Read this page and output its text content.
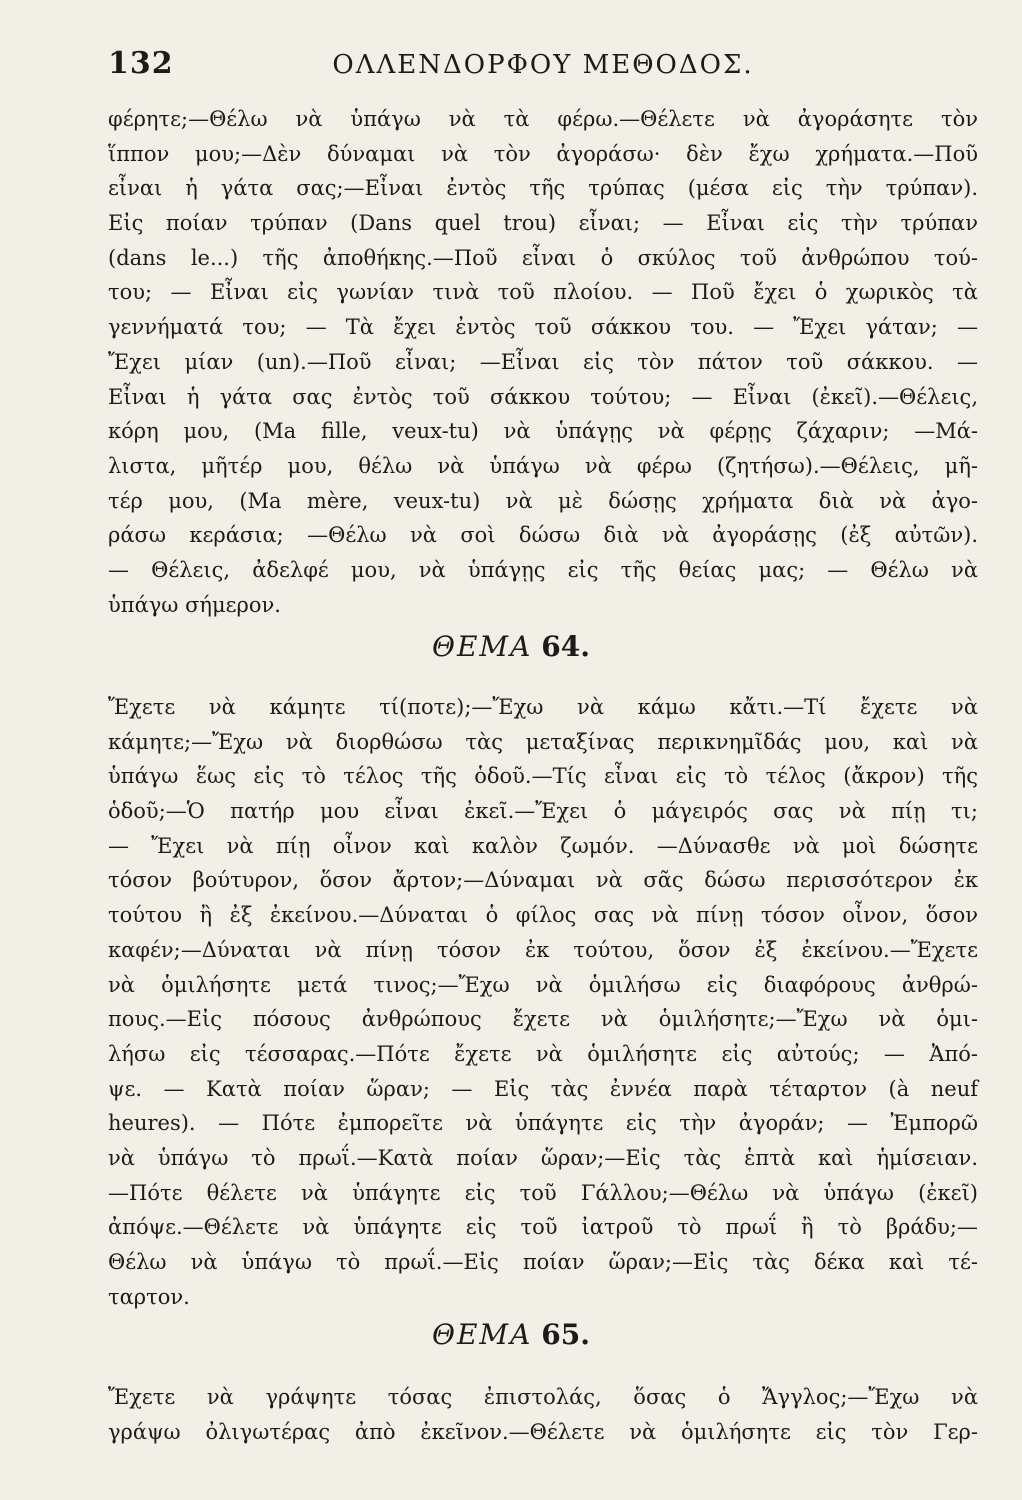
132	ΟΛΛΕΝΔΟΡΦΟΥ ΜΕΘΟΔΟΣ.
φέρητε;—Θέλω νὰ ὑπάγω νὰ τὰ φέρω.—Θέλετε νὰ ἀγοράσητε τὸν
ἵππον μου;—Δὲν δύναμαι νὰ τὸν ἀγοράσω· δὲν ἔχω χρήματα.—Ποῦ
εἶναι ἡ γάτα σας;—Εἶναι ἐντὸς τῆς τρύπας (μέσα εἰς τὴν τρύπαν).
Εἰς ποίαν τρύπαν (Dans quel trou) εἶναι; — Εἶναι εἰς τὴν τρύπαν
(dans le...) τῆς ἀποθήκης.—Ποῦ εἶναι ὁ σκύλος τοῦ ἀνθρώπου τού-
του; — Εἶναι εἰς γωνίαν τινὰ τοῦ πλοίου. — Ποῦ ἔχει ὁ χωρικὸς τὰ
γεννήματά του; — Τὰ ἔχει ἐντὸς τοῦ σάκκου του. — Ἔχει γάταν; —
Ἔχει μίαν (un).—Ποῦ εἶναι; —Εἶναι εἰς τὸν πάτον τοῦ σάκκου. —
Εἶναι ἡ γάτα σας ἐντὸς τοῦ σάκκου τούτου; — Εἶναι (ἐκεῖ).—Θέλεις,
κόρη μου, (Ma fille, veux-tu) νὰ ὑπάγῃς νὰ φέρῃς ζάχαριν; —Μά-
λιστα, μῆτέρ μου, θέλω νὰ ὑπάγω νὰ φέρω (ζητήσω).—Θέλεις, μῆ-
τέρ μου, (Ma mère, veux-tu) νὰ μὲ δώσῃς χρήματα διὰ νὰ ἀγο-
ράσω κεράσια; —Θέλω νὰ σοὶ δώσω διὰ νὰ ἀγοράσῃς (ἐξ αὐτῶν).
— Θέλεις, ἀδελφέ μου, νὰ ὑπάγῃς εἰς τῆς θείας μας; — Θέλω νὰ
ὑπάγω σήμερον.
ΘΕΜΑ 64.
Ἔχετε νὰ κάμητε τί(ποτε);—Ἔχω νὰ κάμω κἄτι.—Τί ἔχετε νὰ
κάμητε;—Ἔχω νὰ διορθώσω τὰς μεταξίνας περικνημῖδάς μου, καὶ νὰ
ὑπάγω ἕως εἰς τὸ τέλος τῆς ὁδοῦ.—Τίς εἶναι εἰς τὸ τέλος (ἄκρον) τῆς
ὁδοῦ;—Ὁ πατήρ μου εἶναι ἐκεῖ.—Ἔχει ὁ μάγειρός σας νὰ πίῃ τι;
— Ἔχει νὰ πίῃ οἶνον καὶ καλὸν ζωμόν. —Δύνασθε νὰ μοὶ δώσητε
τόσον βούτυρον, ὅσον ἄρτον;—Δύναμαι νὰ σᾶς δώσω περισσότερον ἐκ
τούτου ἢ ἐξ ἐκείνου.—Δύναται ὁ φίλος σας νὰ πίνῃ τόσον οἶνον, ὅσον
καφέν;—Δύναται νὰ πίνῃ τόσον ἐκ τούτου, ὅσον ἐξ ἐκείνου.—Ἔχετε
νὰ ὁμιλήσητε μετά τινος;—Ἔχω νὰ ὁμιλήσω εἰς διαφόρους ἀνθρώ-
πους.—Εἰς πόσους ἀνθρώπους ἔχετε νὰ ὁμιλήσητε;—Ἔχω νὰ ὁμι-
λήσω εἰς τέσσαρας.—Πότε ἔχετε νὰ ὁμιλήσητε εἰς αὐτούς; — Ἀπό-
ψε. — Κατὰ ποίαν ὥραν; — Εἰς τὰς ἐννέα παρὰ τέταρτον (à neuf
heures). — Πότε ἐμπορεῖτε νὰ ὑπάγητε εἰς τὴν ἀγοράν; — Ἐμπορῶ
νὰ ὑπάγω τὸ πρωΐ.—Κατὰ ποίαν ὥραν;—Εἰς τὰς ἑπτὰ καὶ ἡμίσειαν.
—Πότε θέλετε νὰ ὑπάγητε εἰς τοῦ Γάλλου;—Θέλω νὰ ὑπάγω (ἐκεῖ)
ἀπόψε.—Θέλετε νὰ ὑπάγητε εἰς τοῦ ἰατροῦ τὸ πρωΐ ἢ τὸ βράδυ;—
Θέλω νὰ ὑπάγω τὸ πρωΐ.—Εἰς ποίαν ὥραν;—Εἰς τὰς δέκα καὶ τέ-
ταρτον.
ΘΕΜΑ 65.
Ἔχετε νὰ γράψητε τόσας ἐπιστολάς, ὅσας ὁ Ἄγγλος;—Ἔχω νὰ
γράψω ὀλιγωτέρας ἀπὸ ἐκεῖνον.—Θέλετε νὰ ὁμιλήσητε εἰς τὸν Γερ-
